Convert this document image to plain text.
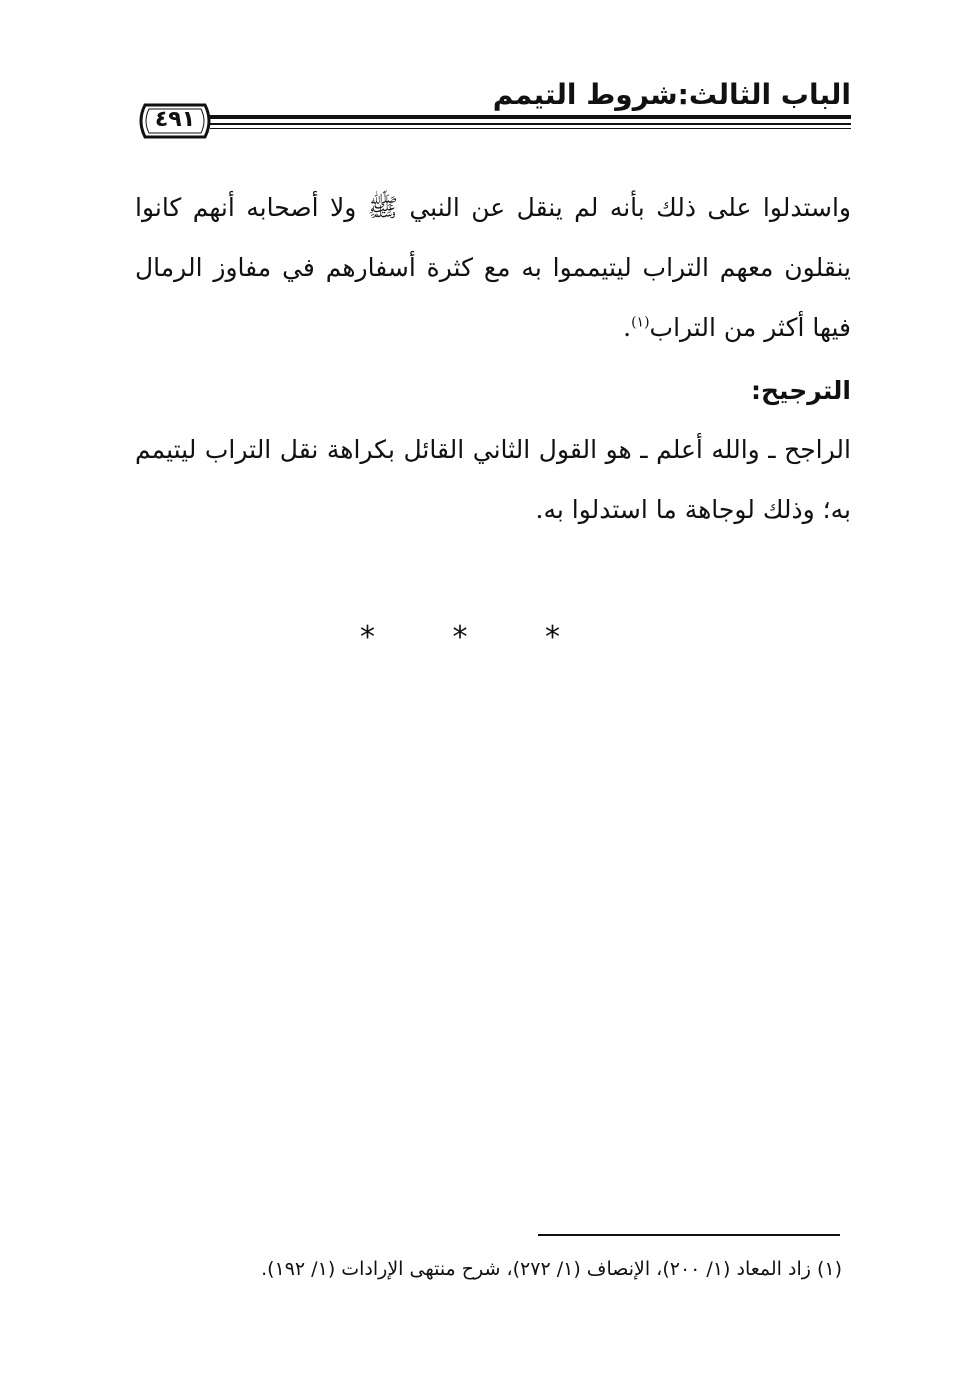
الباب الثالث:شروط التيمم
٤٩١
واستدلوا على ذلك بأنه لم ينقل عن النبي ﷺ ولا أصحابه أنهم كانوا ينقلون معهم التراب ليتيمموا به مع كثرة أسفارهم في مفاوز الرمال فيها أكثر من التراب$^{(١)}$.
الترجيح:
الراجح ـ والله أعلم ـ هو القول الثاني القائل بكراهة نقل التراب ليتيمم به؛ وذلك لوجاهة ما استدلوا به.
* * *
(١) زاد المعاد (١/ ٢٠٠)، الإنصاف (١/ ٢٧٢)، شرح منتهى الإرادات (١/ ١٩٢).
